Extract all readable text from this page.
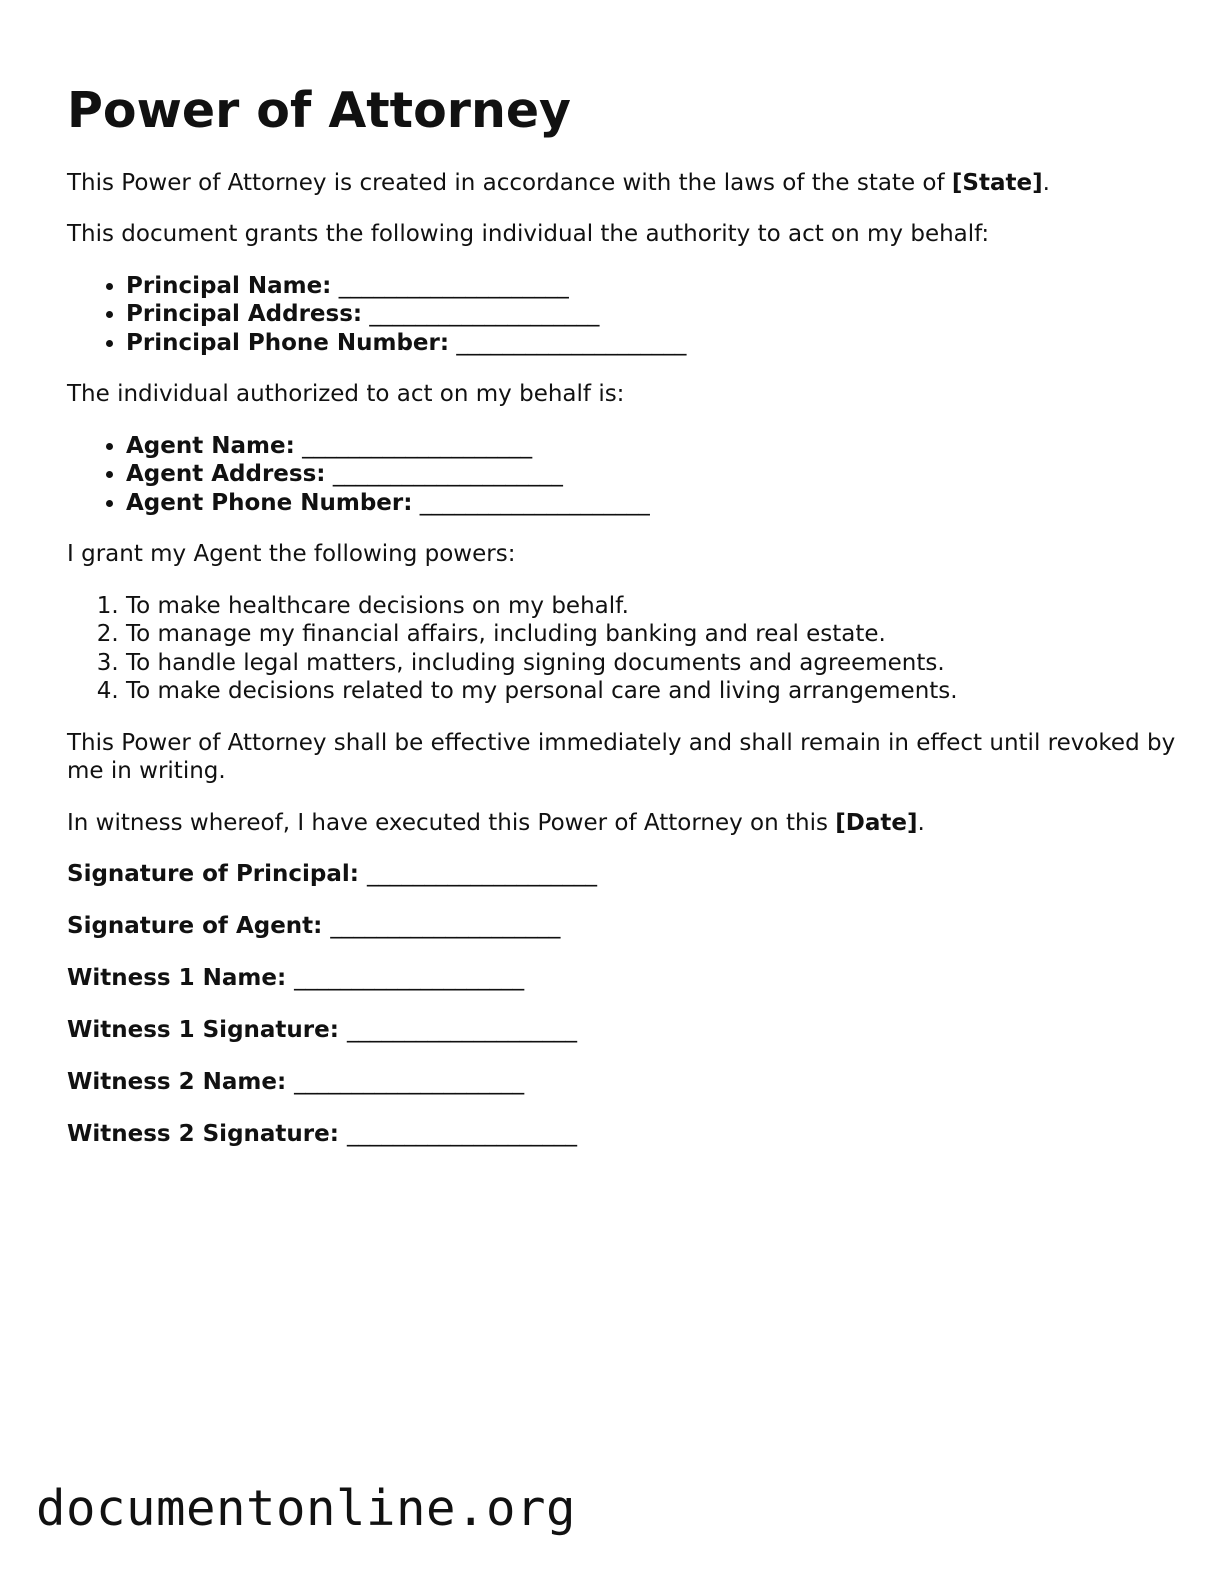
Power of Attorney

This Power of Attorney is created in accordance with the laws of the state of [State].

This document grants the following individual the authority to act on my behalf:

• Principal Name: ____________________
• Principal Address: ____________________
• Principal Phone Number: ____________________

The individual authorized to act on my behalf is:

• Agent Name: ____________________
• Agent Address: ____________________
• Agent Phone Number: ____________________

I grant my Agent the following powers:

1. To make healthcare decisions on my behalf.
2. To manage my financial affairs, including banking and real estate.
3. To handle legal matters, including signing documents and agreements.
4. To make decisions related to my personal care and living arrangements.

This Power of Attorney shall be effective immediately and shall remain in effect until revoked by me in writing.

In witness whereof, I have executed this Power of Attorney on this [Date].

Signature of Principal: ____________________
Signature of Agent: ____________________
Witness 1 Name: ____________________
Witness 1 Signature: ____________________
Witness 2 Name: ____________________
Witness 2 Signature: ____________________
documentonline.org
